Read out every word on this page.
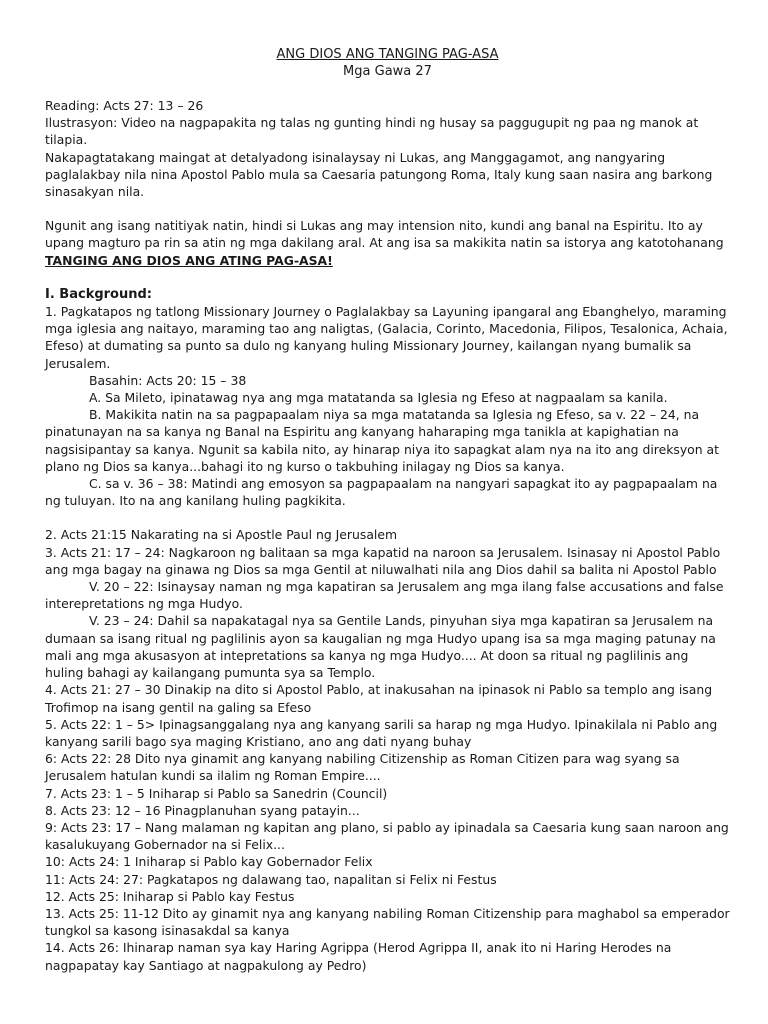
ANG DIOS ANG TANGING PAG-ASA
Mga Gawa 27

Reading: Acts 27: 13 – 26

Ilustrasyon: Video na nagpapakita ng talas ng gunting hindi ng husay sa paggugupit ng paa ng manok at tilapia.

Nakapagtatakang maingat at detalyadong isinalaysay ni Lukas, ang Manggagamot, ang nangyaring paglalakbay nila nina Apostol Pablo mula sa Caesaria patungong Roma, Italy kung saan nasira ang barkong sinasakyan nila.

Ngunit ang isang natitiyak natin, hindi si Lukas ang may intension nito, kundi ang banal na Espiritu. Ito ay upang magturo pa rin sa atin ng mga dakilang aral. At ang isa sa makikita natin sa istorya ang katotohanang

TANGING ANG DIOS ANG ATING PAG-ASA!

I. Background:

1. Pagkatapos ng tatlong Missionary Journey o Paglalakbay sa Layuning ipangaral ang Ebanghelyo, maraming mga iglesia ang naitayo, maraming tao ang naligtas, (Galacia, Corinto, Macedonia, Filipos, Tesalonica, Achaia, Efeso) at dumating sa punto sa dulo ng kanyang huling Missionary Journey, kailangan nyang bumalik sa Jerusalem.

Basahin: Acts 20: 15 – 38

A. Sa Mileto, ipinatawag nya ang mga matatanda sa Iglesia ng Efeso at nagpaalam sa kanila.

B. Makikita natin na sa pagpapaalam niya sa mga matatanda sa Iglesia ng Efeso, sa v. 22 – 24, na pinatunayan na sa kanya ng Banal na Espiritu ang kanyang haharaping mga tanikla at kapighatian na nagsisipantay sa kanya. Ngunit sa kabila nito, ay hinarap niya ito sapagkat alam nya na ito ang direksyon at plano ng Dios sa kanya...bahagi ito ng kurso o takbuhing inilagay ng Dios sa kanya.

C. sa v. 36 – 38: Matindi ang emosyon sa pagpapaalam na nangyari sapagkat ito ay pagpapaalam na ng tuluyan. Ito na ang kanilang huling pagkikita.

2. Acts 21:15 Nakarating na si Apostle Paul ng Jerusalem

3. Acts 21: 17 – 24: Nagkaroon ng balitaan sa mga kapatid na naroon sa Jerusalem. Isinasay ni Apostol Pablo ang mga bagay na ginawa ng Dios sa mga Gentil at niluwalhati nila ang Dios dahil sa balita ni Apostol Pablo

V. 20 – 22: Isinaysay naman ng mga kapatiran sa Jerusalem ang mga ilang false accusations and false interepretations ng mga Hudyo.

V. 23 – 24: Dahil sa napakatagal nya sa Gentile Lands, pinyuhan siya mga kapatiran sa Jerusalem na dumaan sa isang ritual ng paglilinis ayon sa kaugalian ng mga Hudyo upang isa sa mga maging patunay na mali ang mga akusasyon at intepretations sa kanya ng mga Hudyo.... At doon sa ritual ng paglilinis ang huling bahagi ay kailangang pumunta sya sa Templo.

4. Acts 21: 27 – 30 Dinakip na dito si Apostol Pablo, at inakusahan na ipinasok ni Pablo sa templo ang isang Trofimop na isang gentil na galing sa Efeso

5. Acts 22: 1 – 5> Ipinagsanggalang nya ang kanyang sarili sa harap ng mga Hudyo. Ipinakilala ni Pablo ang kanyang sarili bago sya maging Kristiano, ano ang dati nyang buhay

6: Acts 22: 28 Dito nya ginamit ang kanyang nabiling Citizenship as Roman Citizen para wag syang sa Jerusalem hatulan kundi sa ilalim ng Roman Empire....

7. Acts 23: 1 – 5 Iniharap si Pablo sa Sanedrin (Council)

8. Acts 23: 12 – 16 Pinagplanuhan syang patayin...

9: Acts 23: 17 – Nang malaman ng kapitan ang plano, si pablo ay ipinadala sa Caesaria kung saan naroon ang kasalukuyang Gobernador na si Felix...

10: Acts 24: 1 Iniharap si Pablo kay Gobernador Felix

11: Acts 24: 27: Pagkatapos ng dalawang tao, napalitan si Felix ni Festus

12. Acts 25: Iniharap si Pablo kay Festus

13. Acts 25: 11-12 Dito ay ginamit nya ang kanyang nabiling Roman Citizenship para maghabol sa emperador tungkol sa kasong isinasakdal sa kanya

14. Acts 26: Ihinarap naman sya kay Haring Agrippa (Herod Agrippa II, anak ito ni Haring Herodes na nagpapatay kay Santiago at nagpakulong ay Pedro)
